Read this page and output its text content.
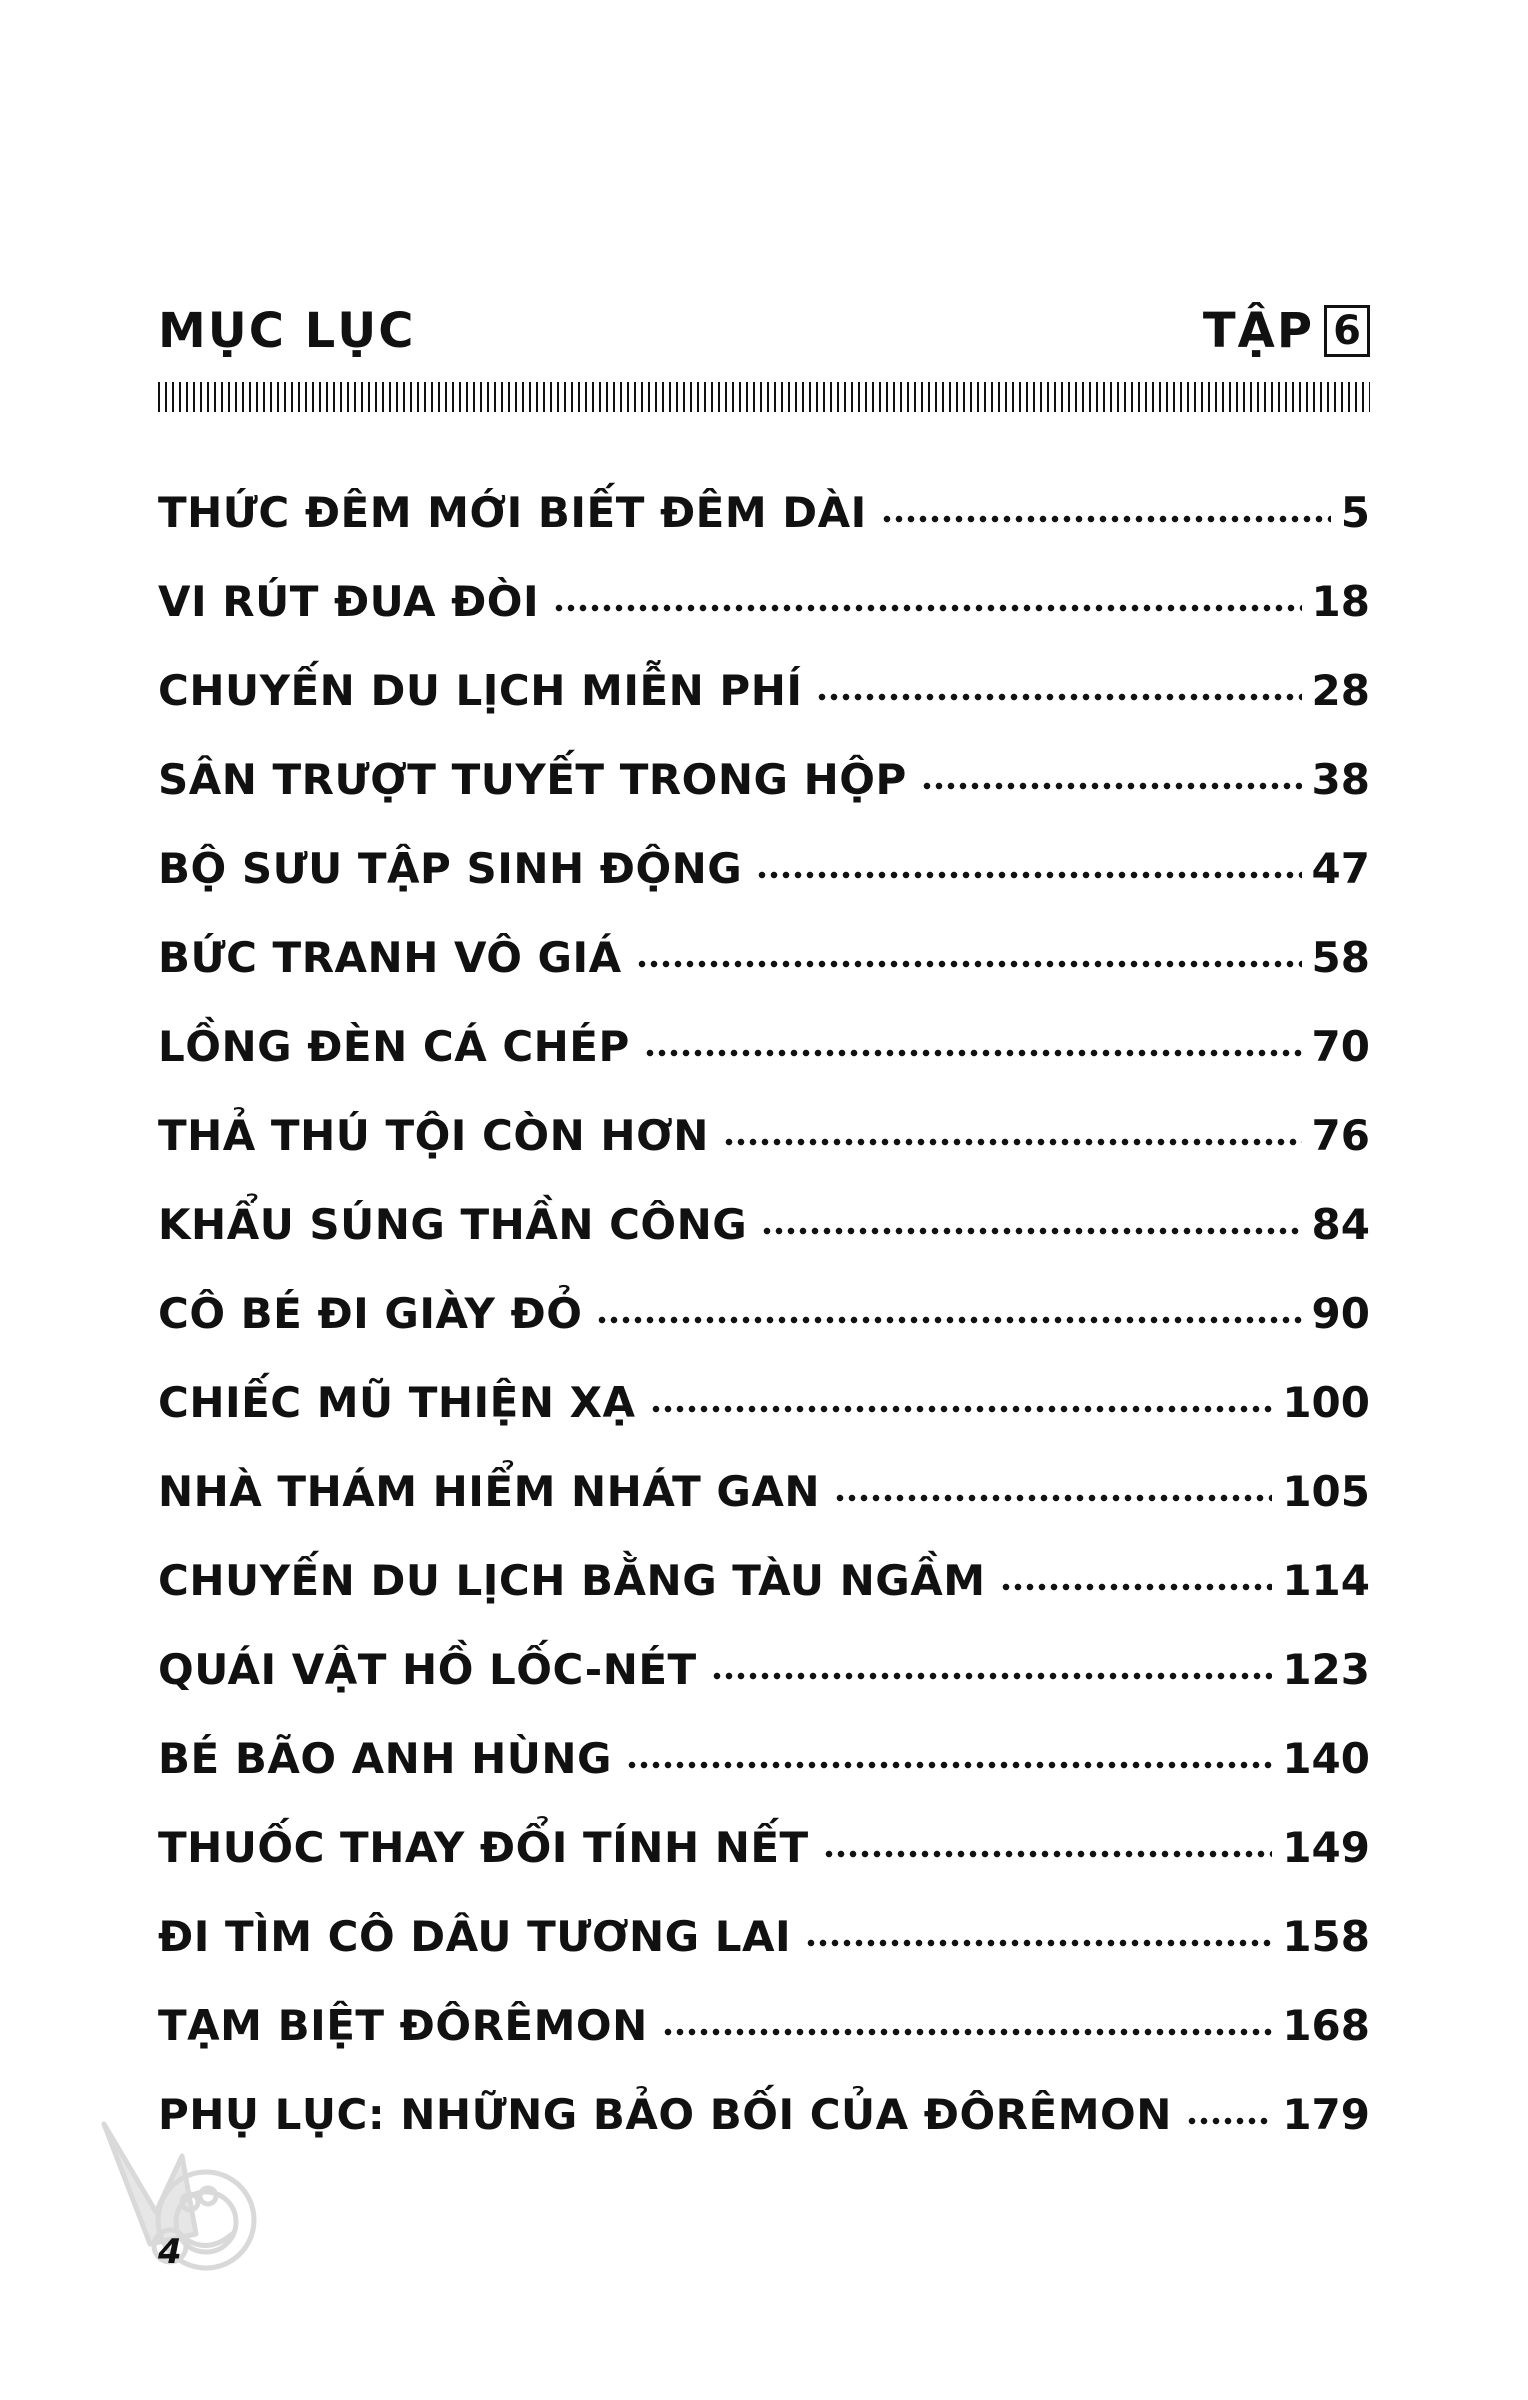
MỤC LỤC	TẬP 6
THỨC ĐÊM MỚI BIẾT ĐÊM DÀI	5
VI RÚT ĐUA ĐÒI	18
CHUYẾN DU LỊCH MIỄN PHÍ	28
SÂN TRƯỢT TUYẾT TRONG HỘP	38
BỘ SƯU TẬP SINH ĐỘNG	47
BỨC TRANH VÔ GIÁ	58
LỒNG ĐÈN CÁ CHÉP	70
THẢ THÚ TỘI CÒN HƠN	76
KHẨU SÚNG THẦN CÔNG	84
CÔ BÉ ĐI GIÀY ĐỎ	90
CHIẾC MŨ THIỆN XẠ	100
NHÀ THÁM HIỂM NHÁT GAN	105
CHUYẾN DU LỊCH BẰNG TÀU NGẦM	114
QUÁI VẬT HỒ LỐC-NÉT	123
BÉ BÃO ANH HÙNG	140
THUỐC THAY ĐỔI TÍNH NẾT	149
ĐI TÌM CÔ DÂU TƯƠNG LAI	158
TẠM BIỆT ĐÔRÊMON	168
PHỤ LỤC: NHỮNG BẢO BỐI CỦA ĐÔRÊMON	179
4
